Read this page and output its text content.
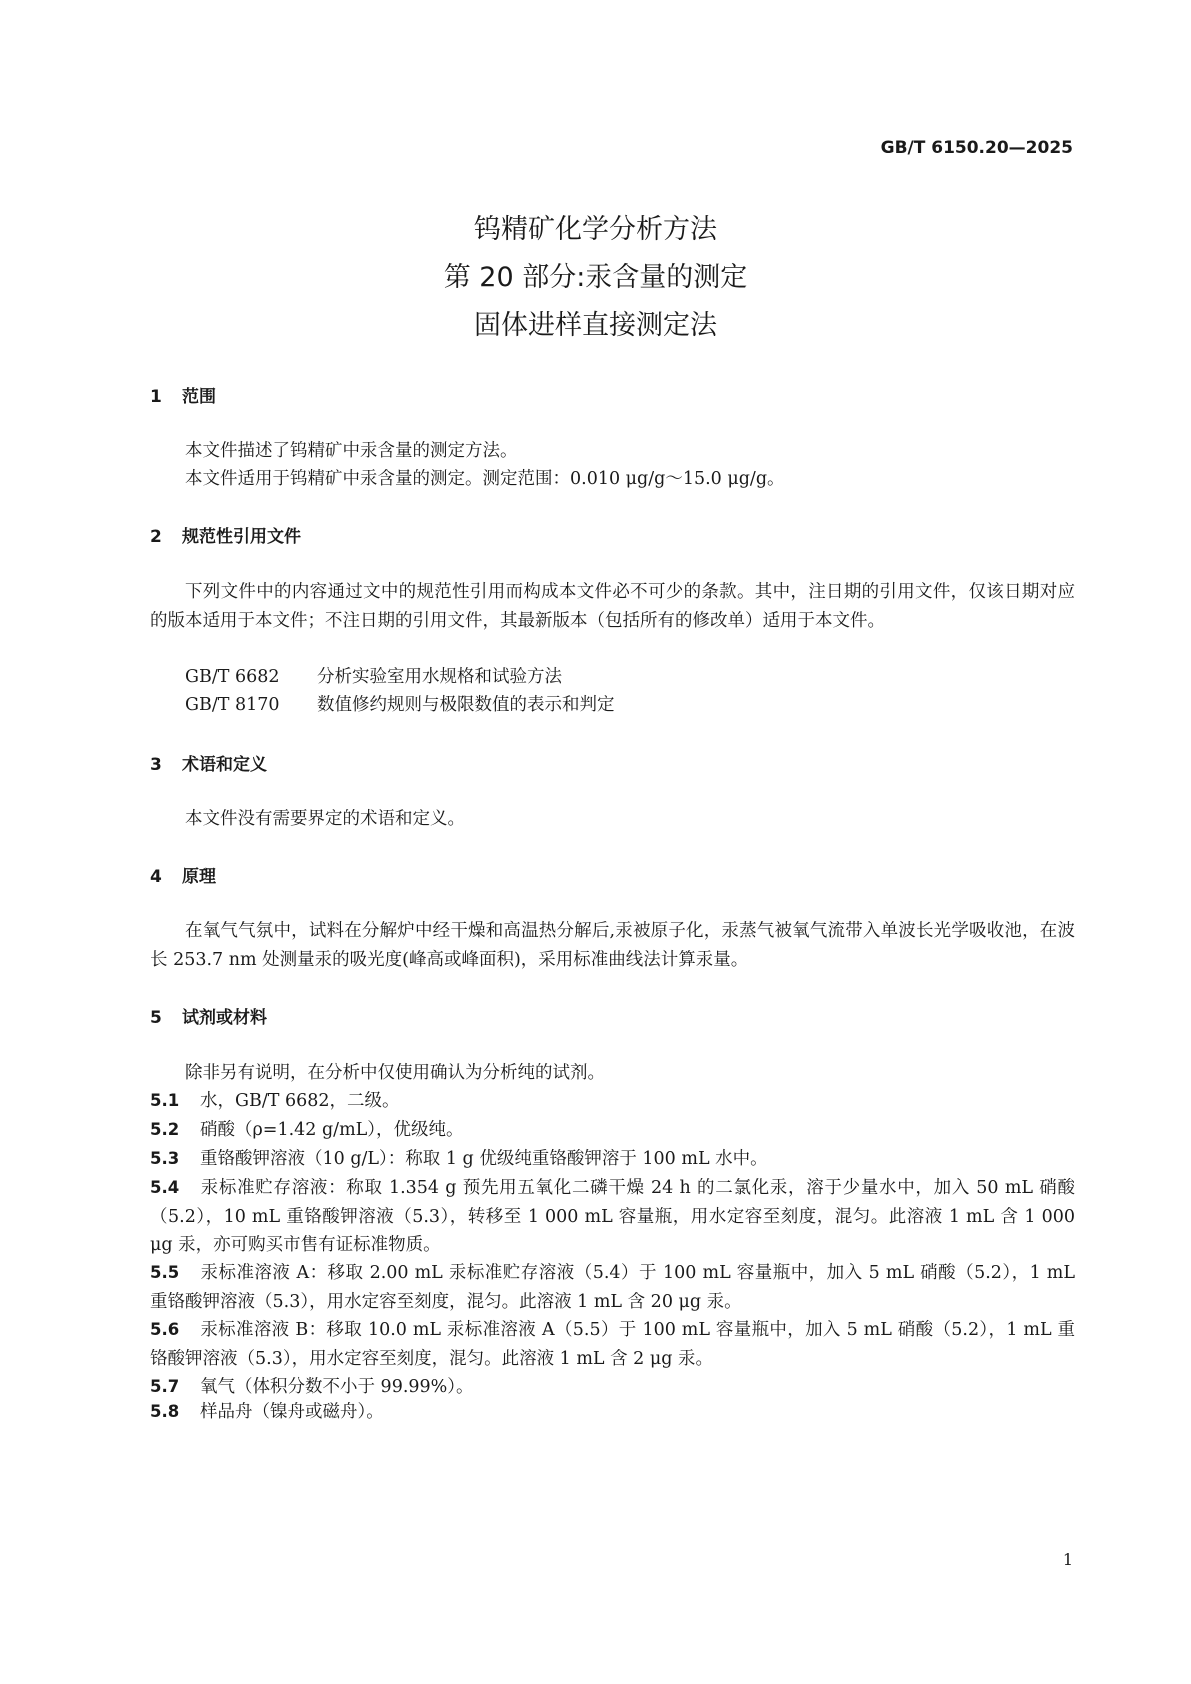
GB/T 6150.20—2025
钨精矿化学分析方法
第 20 部分:汞含量的测定
固体进样直接测定法
1 范围
本文件描述了钨精矿中汞含量的测定方法。
本文件适用于钨精矿中汞含量的测定。测定范围：0.010 μg/g～15.0 μg/g。
2 规范性引用文件
下列文件中的内容通过文中的规范性引用而构成本文件必不可少的条款。其中，注日期的引用文件，仅该日期对应的版本适用于本文件；不注日期的引用文件，其最新版本（包括所有的修改单）适用于本文件。
GB/T 6682 分析实验室用水规格和试验方法
GB/T 8170 数值修约规则与极限数值的表示和判定
3 术语和定义
本文件没有需要界定的术语和定义。
4 原理
在氧气气氛中，试料在分解炉中经干燥和高温热分解后,汞被原子化，汞蒸气被氧气流带入单波长光学吸收池，在波长 253.7 nm 处测量汞的吸光度(峰高或峰面积)，采用标准曲线法计算汞量。
5 试剂或材料
除非另有说明，在分析中仅使用确认为分析纯的试剂。
5.1 水，GB/T 6682，二级。
5.2 硝酸（ρ=1.42 g/mL），优级纯。
5.3 重铬酸钾溶液（10 g/L）：称取 1 g 优级纯重铬酸钾溶于 100 mL 水中。
5.4 汞标准贮存溶液：称取 1.354 g 预先用五氧化二磷干燥 24 h 的二氯化汞，溶于少量水中，加入 50 mL 硝酸（5.2），10 mL 重铬酸钾溶液（5.3），转移至 1 000 mL 容量瓶，用水定容至刻度，混匀。此溶液 1 mL 含 1 000 μg 汞，亦可购买市售有证标准物质。
5.5 汞标准溶液 A：移取 2.00 mL 汞标准贮存溶液（5.4）于 100 mL 容量瓶中，加入 5 mL 硝酸（5.2），1 mL 重铬酸钾溶液（5.3），用水定容至刻度，混匀。此溶液 1 mL 含 20 μg 汞。
5.6 汞标准溶液 B：移取 10.0 mL 汞标准溶液 A（5.5）于 100 mL 容量瓶中，加入 5 mL 硝酸（5.2），1 mL 重铬酸钾溶液（5.3），用水定容至刻度，混匀。此溶液 1 mL 含 2 μg 汞。
5.7 氧气（体积分数不小于 99.99%）。
5.8 样品舟（镍舟或磁舟）。
1
